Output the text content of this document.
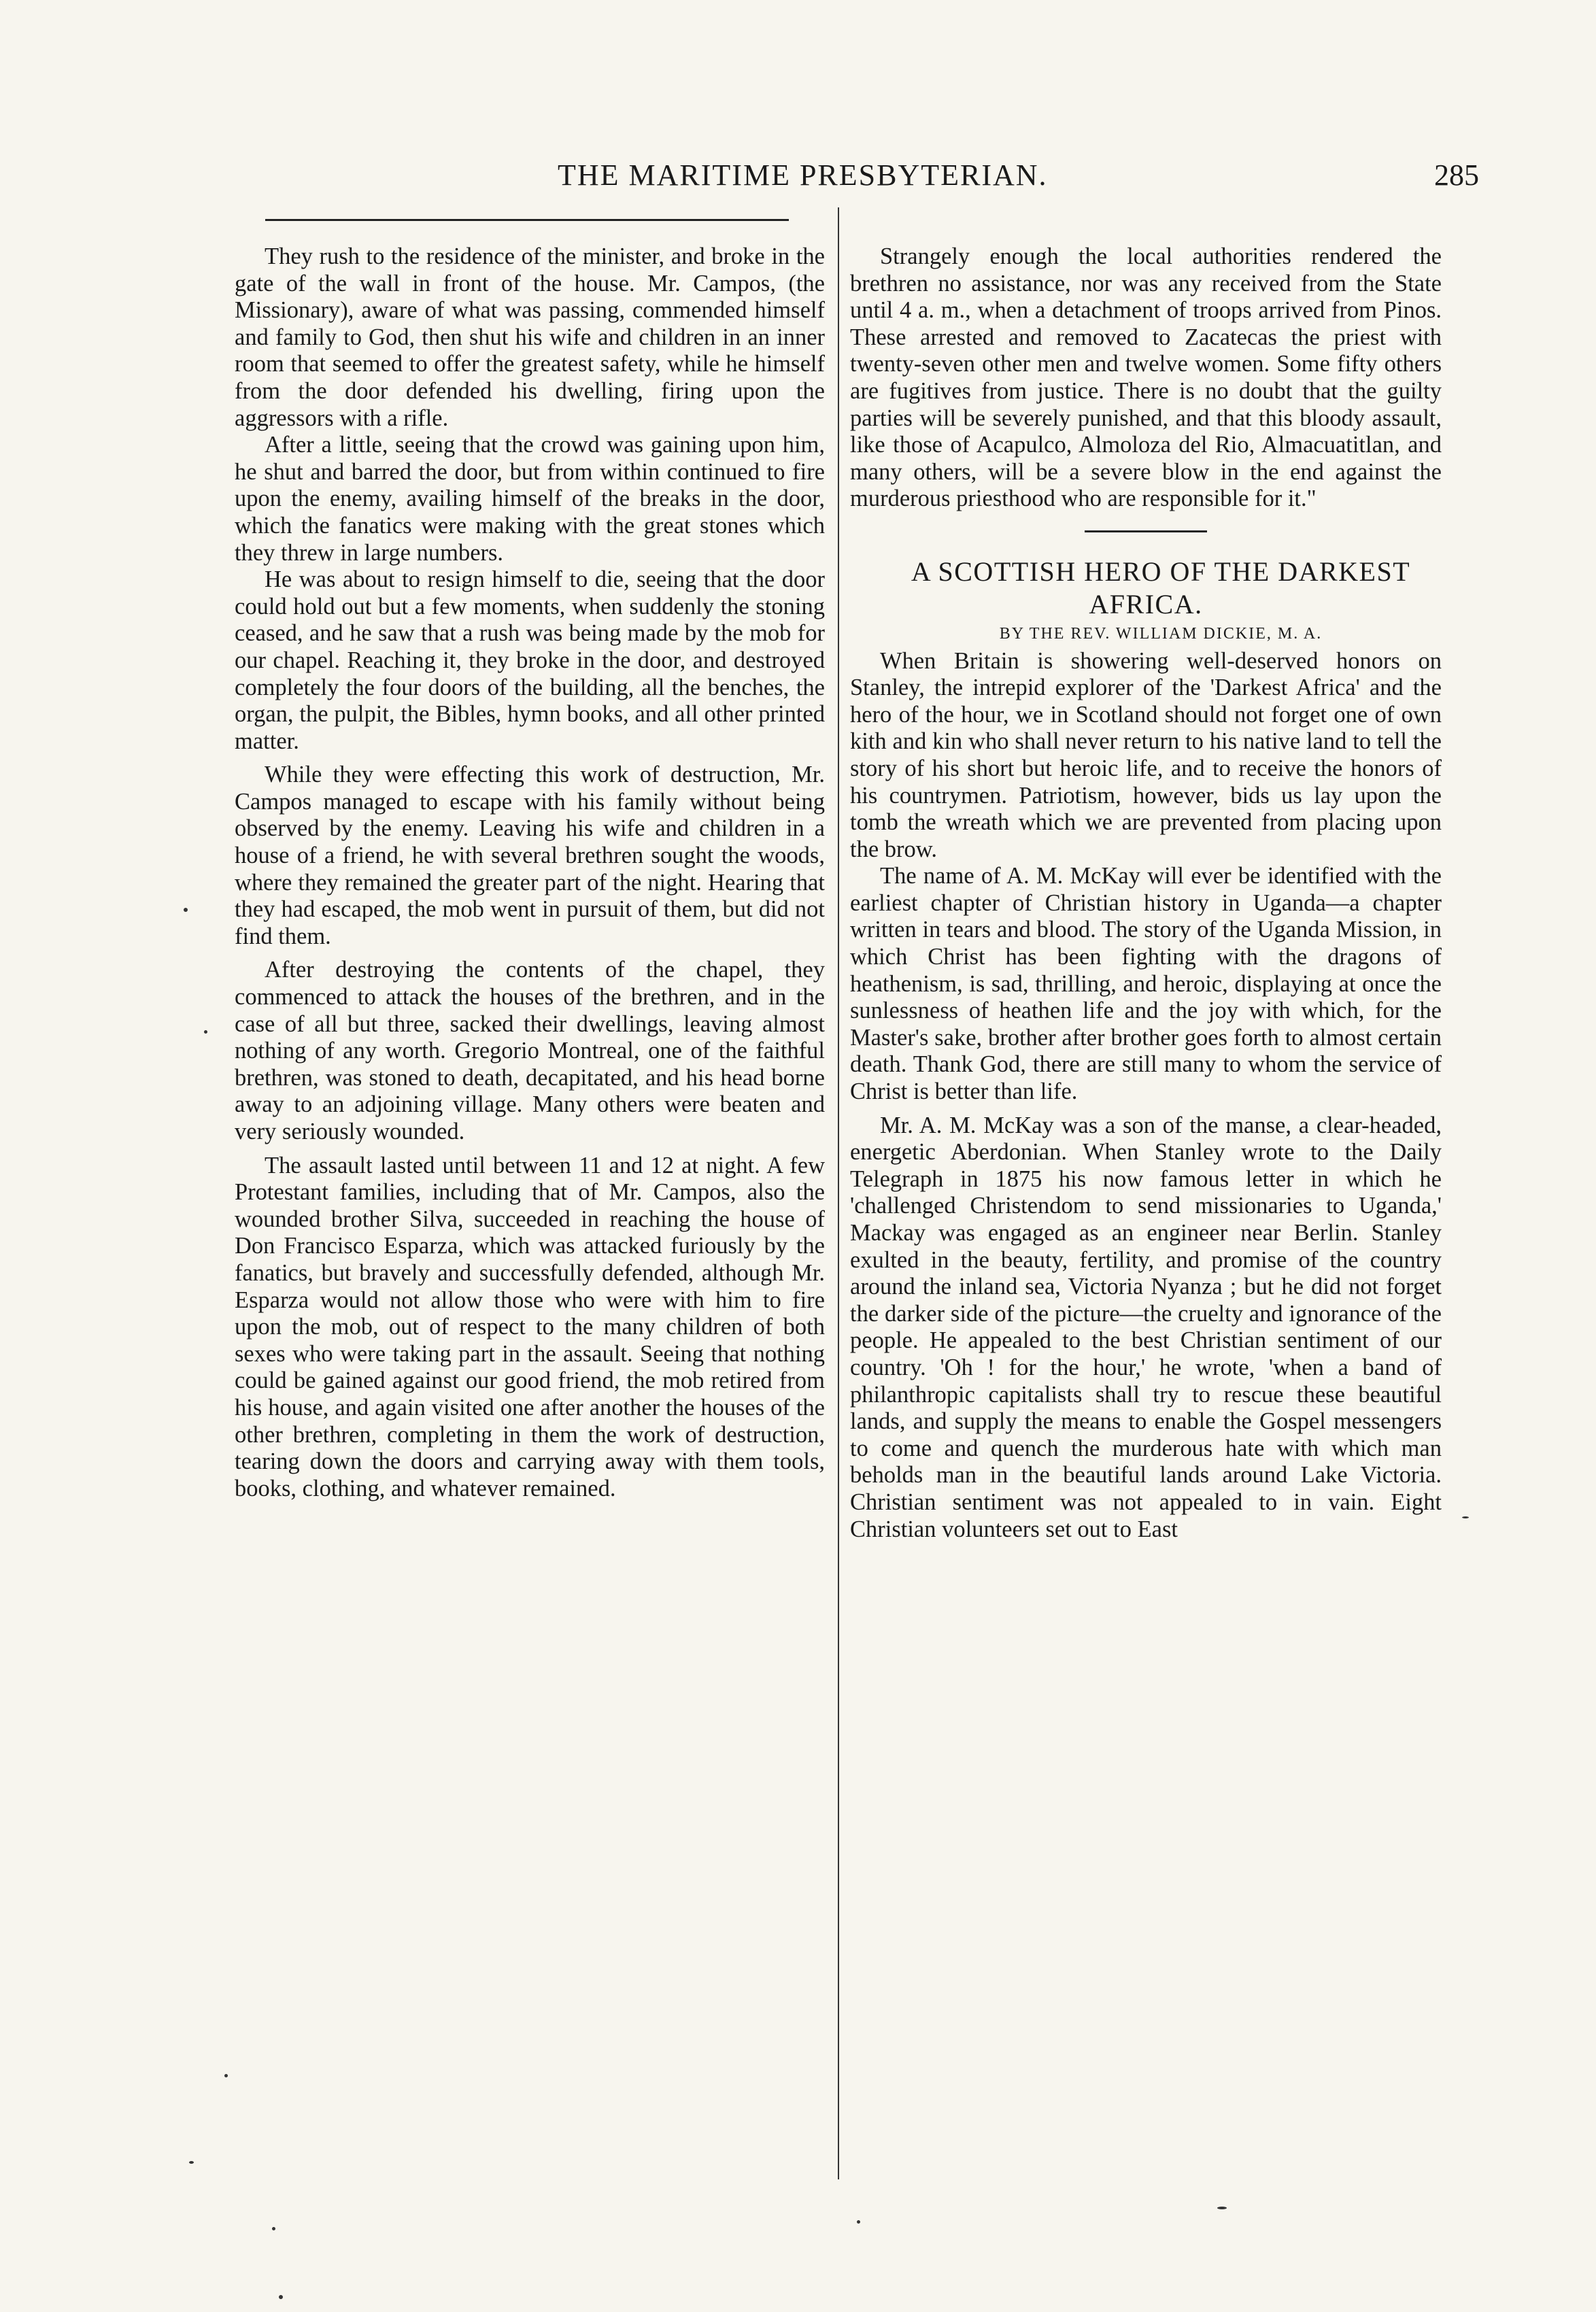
THE MARITIME PRESBYTERIAN.	285

They rush to the residence of the minister, and broke in the gate of the wall in front of the house. Mr. Campos, (the Missionary), aware of what was passing, commended himself and family to God, then shut his wife and children in an inner room that seemed to offer the greatest safety, while he himself from the door defended his dwelling, firing upon the aggressors with a rifle.

After a little, seeing that the crowd was gaining upon him, he shut and barred the door, but from within continued to fire upon the enemy, availing himself of the breaks in the door, which the fanatics were making with the great stones which they threw in large numbers.

He was about to resign himself to die, seeing that the door could hold out but a few moments, when suddenly the stoning ceased, and he saw that a rush was being made by the mob for our chapel. Reaching it, they broke in the door, and destroyed completely the four doors of the building, all the benches, the organ, the pulpit, the Bibles, hymn books, and all other printed matter.

While they were effecting this work of destruction, Mr. Campos managed to escape with his family without being observed by the enemy. Leaving his wife and children in a house of a friend, he with several brethren sought the woods, where they remained the greater part of the night. Hearing that they had escaped, the mob went in pursuit of them, but did not find them.

After destroying the contents of the chapel, they commenced to attack the houses of the brethren, and in the case of all but three, sacked their dwellings, leaving almost nothing of any worth. Gregorio Montreal, one of the faithful brethren, was stoned to death, decapitated, and his head borne away to an adjoining village. Many others were beaten and very seriously wounded.

The assault lasted until between 11 and 12 at night. A few Protestant families, including that of Mr. Campos, also the wounded brother Silva, succeeded in reaching the house of Don Francisco Esparza, which was attacked furiously by the fanatics, but bravely and successfully defended, although Mr. Esparza would not allow those who were with him to fire upon the mob, out of respect to the many children of both sexes who were taking part in the assault. Seeing that nothing could be gained against our good friend, the mob retired from his house, and again visited one after another the houses of the other brethren, completing in them the work of destruction, tearing down the doors and carrying away with them tools, books, clothing, and whatever remained.

Strangely enough the local authorities rendered the brethren no assistance, nor was any received from the State until 4 a. m., when a detachment of troops arrived from Pinos. These arrested and removed to Zacatecas the priest with twenty-seven other men and twelve women. Some fifty others are fugitives from justice. There is no doubt that the guilty parties will be severely punished, and that this bloody assault, like those of Acapulco, Almoloza del Rio, Almacuatitlan, and many others, will be a severe blow in the end against the murderous priesthood who are responsible for it."

A SCOTTISH HERO OF THE DARKEST AFRICA.

BY THE REV. WILLIAM DICKIE, M. A.

When Britain is showering well-deserved honors on Stanley, the intrepid explorer of the 'Darkest Africa' and the hero of the hour, we in Scotland should not forget one of own kith and kin who shall never return to his native land to tell the story of his short but heroic life, and to receive the honors of his countrymen. Patriotism, however, bids us lay upon the tomb the wreath which we are prevented from placing upon the brow.

The name of A. M. McKay will ever be identified with the earliest chapter of Christian history in Uganda—a chapter written in tears and blood. The story of the Uganda Mission, in which Christ has been fighting with the dragons of heathenism, is sad, thrilling, and heroic, displaying at once the sunlessness of heathen life and the joy with which, for the Master's sake, brother after brother goes forth to almost certain death. Thank God, there are still many to whom the service of Christ is better than life.

Mr. A. M. McKay was a son of the manse, a clear-headed, energetic Aberdonian. When Stanley wrote to the Daily Telegraph in 1875 his now famous letter in which he 'challenged Christendom to send missionaries to Uganda,' Mackay was engaged as an engineer near Berlin. Stanley exulted in the beauty, fertility, and promise of the country around the inland sea, Victoria Nyanza ; but he did not forget the darker side of the picture—the cruelty and ignorance of the people. He appealed to the best Christian sentiment of our country. 'Oh ! for the hour,' he wrote, 'when a band of philanthropic capitalists shall try to rescue these beautiful lands, and supply the means to enable the Gospel messengers to come and quench the murderous hate with which man beholds man in the beautiful lands around Lake Victoria. Christian sentiment was not appealed to in vain. Eight Christian volunteers set out to East
